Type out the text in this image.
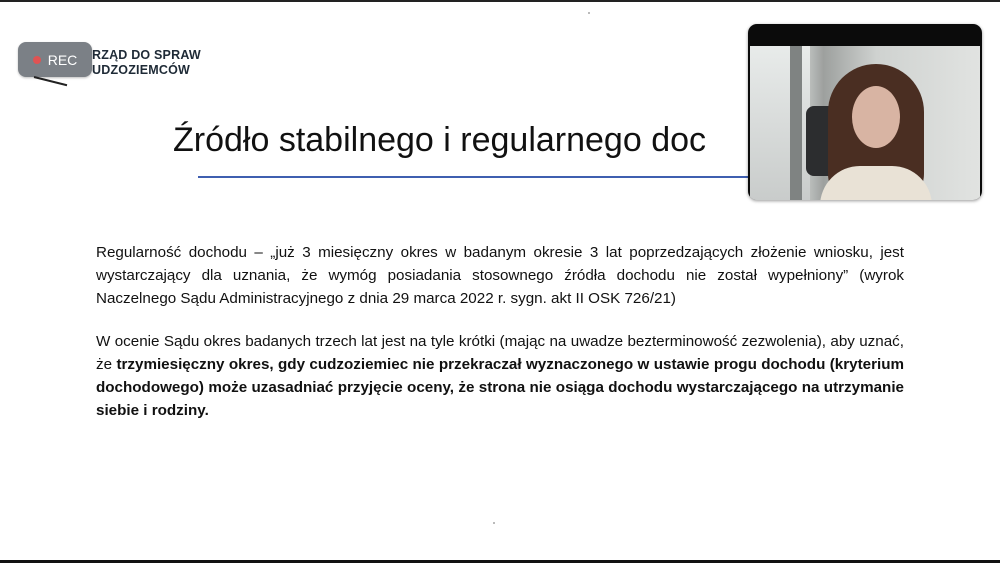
RZĄD DO SPRAW
UDZOZIEMCÓW
REC
Źródło stabilnego i regularnego doc
Regularność dochodu – „już 3 miesięczny okres w badanym okresie 3 lat poprzedzających złożenie wniosku, jest wystarczający dla uznania, że wymóg posiadania stosownego źródła dochodu nie został wypełniony” (wyrok Naczelnego Sądu Administracyjnego z dnia 29 marca 2022 r. sygn. akt II OSK 726/21)
W ocenie Sądu okres badanych trzech lat jest na tyle krótki (mając na uwadze bezterminowość zezwolenia), aby uznać, że trzymiesięczny okres, gdy cudzoziemiec nie przekraczał wyznaczonego w ustawie progu dochodu (kryterium dochodowego) może uzasadniać przyjęcie oceny, że strona nie osiąga dochodu wystarczającego na utrzymanie siebie i rodziny.
